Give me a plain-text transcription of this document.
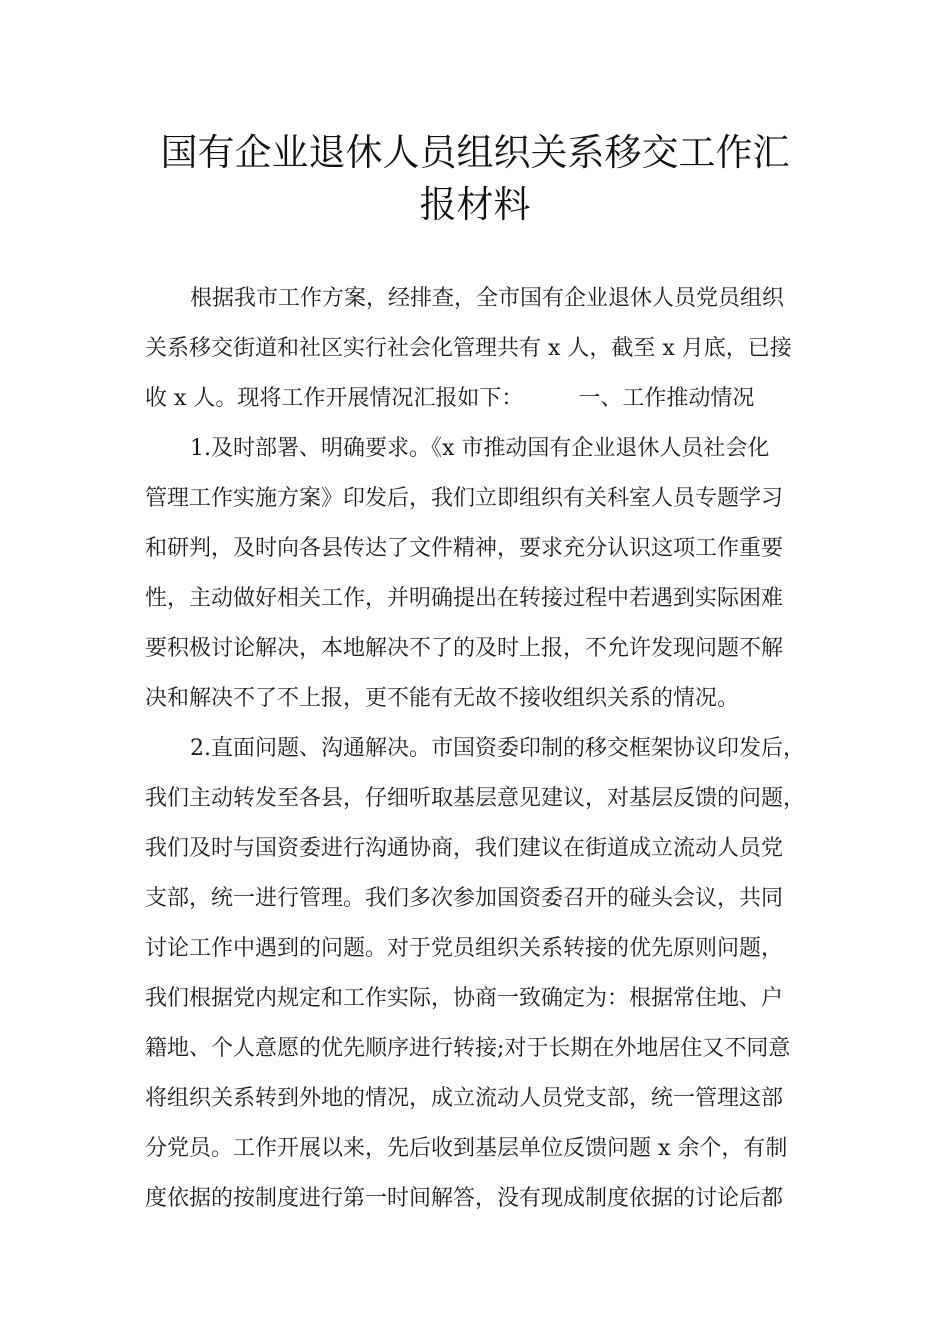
国有企业退休人员组织关系移交工作汇
报材料
根据我市工作方案，经排查，全市国有企业退休人员党员组织
关系移交街道和社区实行社会化管理共有 x 人，截至 x 月底，已接
收 x 人。现将工作开展情况汇报如下：　　　一、工作推动情况
1.及时部署、明确要求。《x 市推动国有企业退休人员社会化
管理工作实施方案》印发后，我们立即组织有关科室人员专题学习
和研判，及时向各县传达了文件精神，要求充分认识这项工作重要
性，主动做好相关工作，并明确提出在转接过程中若遇到实际困难
要积极讨论解决，本地解决不了的及时上报，不允许发现问题不解
决和解决不了不上报，更不能有无故不接收组织关系的情况。
2.直面问题、沟通解决。市国资委印制的移交框架协议印发后，
我们主动转发至各县，仔细听取基层意见建议，对基层反馈的问题，
我们及时与国资委进行沟通协商，我们建议在街道成立流动人员党
支部，统一进行管理。我们多次参加国资委召开的碰头会议，共同
讨论工作中遇到的问题。对于党员组织关系转接的优先原则问题，
我们根据党内规定和工作实际，协商一致确定为：根据常住地、户
籍地、个人意愿的优先顺序进行转接;对于长期在外地居住又不同意
将组织关系转到外地的情况，成立流动人员党支部，统一管理这部
分党员。工作开展以来，先后收到基层单位反馈问题 x 余个，有制
度依据的按制度进行第一时间解答，没有现成制度依据的讨论后都
